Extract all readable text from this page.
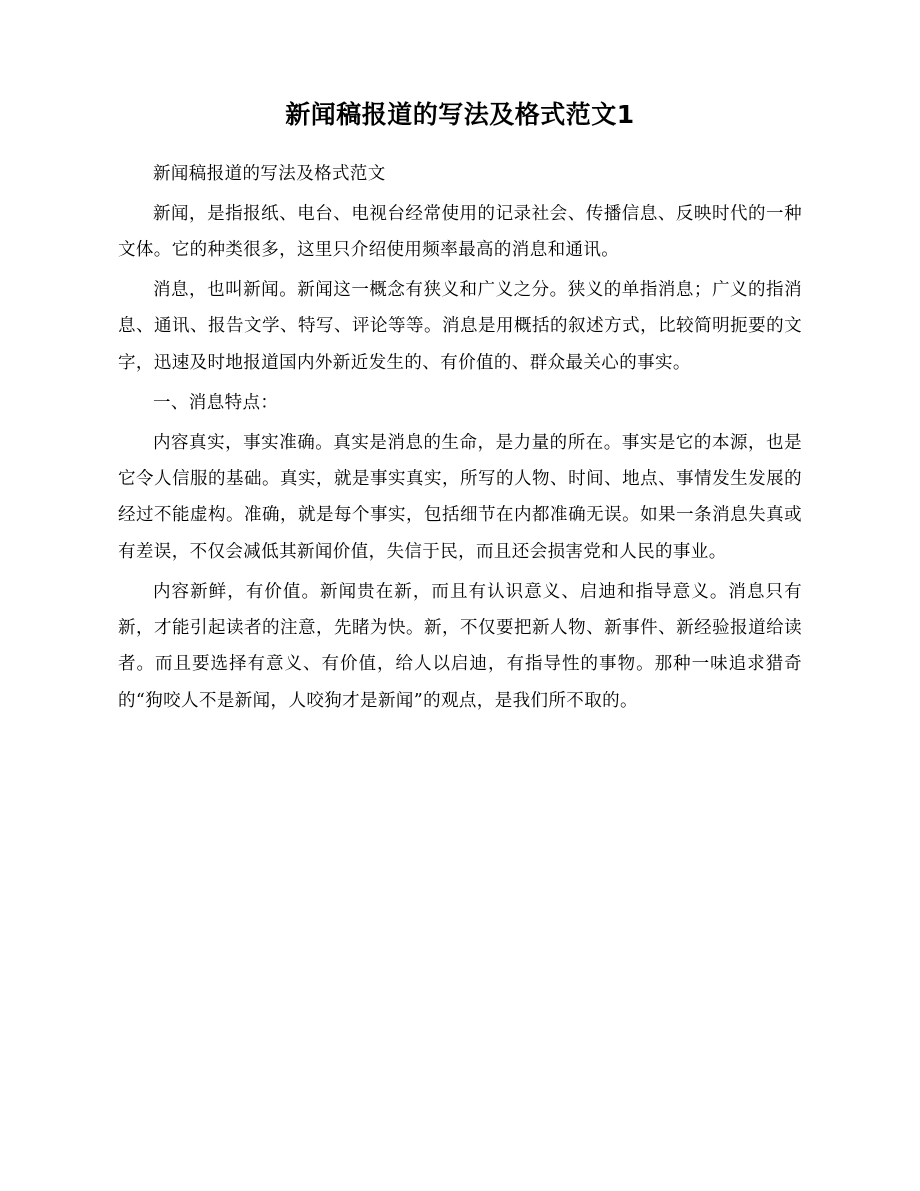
新闻稿报道的写法及格式范文1

新闻稿报道的写法及格式范文

新闻，是指报纸、电台、电视台经常使用的记录社会、传播信息、反映时代的一种文体。它的种类很多，这里只介绍使用频率最高的消息和通讯。

消息，也叫新闻。新闻这一概念有狭义和广义之分。狭义的单指消息；广义的指消息、通讯、报告文学、特写、评论等等。消息是用概括的叙述方式，比较简明扼要的文字，迅速及时地报道国内外新近发生的、有价值的、群众最关心的事实。

一、消息特点：

内容真实，事实准确。真实是消息的生命，是力量的所在。事实是它的本源，也是它令人信服的基础。真实，就是事实真实，所写的人物、时间、地点、事情发生发展的经过不能虚构。准确，就是每个事实，包括细节在内都准确无误。如果一条消息失真或有差误，不仅会减低其新闻价值，失信于民，而且还会损害党和人民的事业。

内容新鲜，有价值。新闻贵在新，而且有认识意义、启迪和指导意义。消息只有新，才能引起读者的注意，先睹为快。新，不仅要把新人物、新事件、新经验报道给读者。而且要选择有意义、有价值，给人以启迪，有指导性的事物。那种一味追求猎奇的“狗咬人不是新闻，人咬狗才是新闻”的观点，是我们所不取的。
